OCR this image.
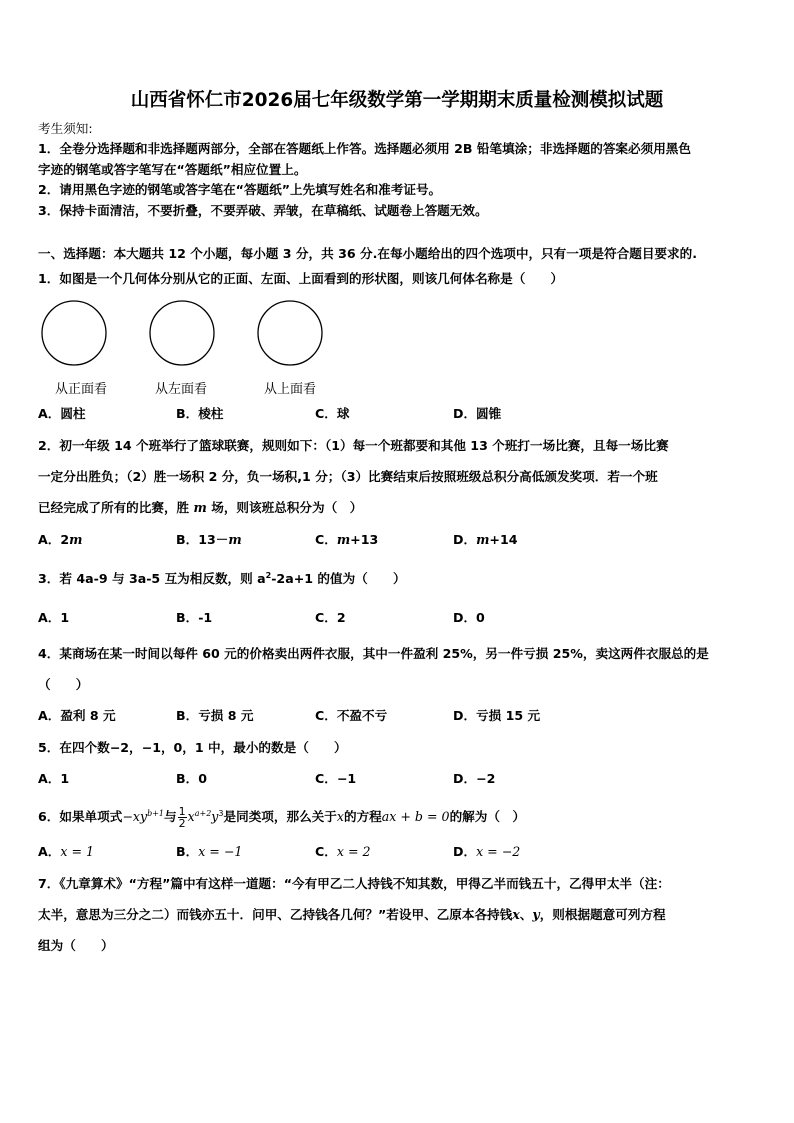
山西省怀仁市2026届七年级数学第一学期期末质量检测模拟试题
考生须知:
1．全卷分选择题和非选择题两部分，全部在答题纸上作答。选择题必须用 2B 铅笔填涂；非选择题的答案必须用黑色
字迹的钢笔或答字笔写在“答题纸”相应位置上。
2．请用黑色字迹的钢笔或答字笔在“答题纸”上先填写姓名和准考证号。
3．保持卡面清洁，不要折叠，不要弄破、弄皱，在草稿纸、试题卷上答题无效。
一、选择题：本大题共 12 个小题，每小题 3 分，共 36 分.在每小题给出的四个选项中，只有一项是符合题目要求的.
1．如图是一个几何体分别从它的正面、左面、上面看到的形状图，则该几何体名称是（　　）
从正面看	从左面看	从上面看
A．圆柱	B．棱柱	C．球	D．圆锥
2．初一年级 14 个班举行了篮球联赛，规则如下：（1）每一个班都要和其他 13 个班打一场比赛，且每一场比赛
一定分出胜负；（2）胜一场积 2 分，负一场积,1 分；（3）比赛结束后按照班级总积分高低颁发奖项．若一个班
已经完成了所有的比赛，胜 m 场，则该班总积分为（　）
A．2m	B．13－m	C．m+13	D．m+14
3．若 4a-9 与 3a-5 互为相反数，则 $a^2-2a+1$ 的值为（　　）
A．1	B．-1	C．2	D．0
4．某商场在某一时间以每件 60 元的价格卖出两件衣服，其中一件盈利 25%，另一件亏损 25%，卖这两件衣服总的是
（　　）
A．盈利 8 元	B．亏损 8 元	C．不盈不亏	D．亏损 15 元
5．在四个数−2，−1，0，1 中，最小的数是（　　）
A．1	B．0	C．−1	D．−2
6．如果单项式$-xy^{b+1}$与 $\frac{1}{2} x^{a+2}y^3$是同类项，那么关于x的方程ax + b = 0的解为（　）
A．x = 1	B．x = −1	C．x = 2	D．x = −2
7．《九章算术》“方程”篇中有这样一道题：“今有甲乙二人持钱不知其数，甲得乙半而钱五十，乙得甲太半（注：
太半，意思为三分之二）而钱亦五十．问甲、乙持钱各几何？”若设甲、乙原本各持钱x、y，则根据题意可列方程
组为（　　）
